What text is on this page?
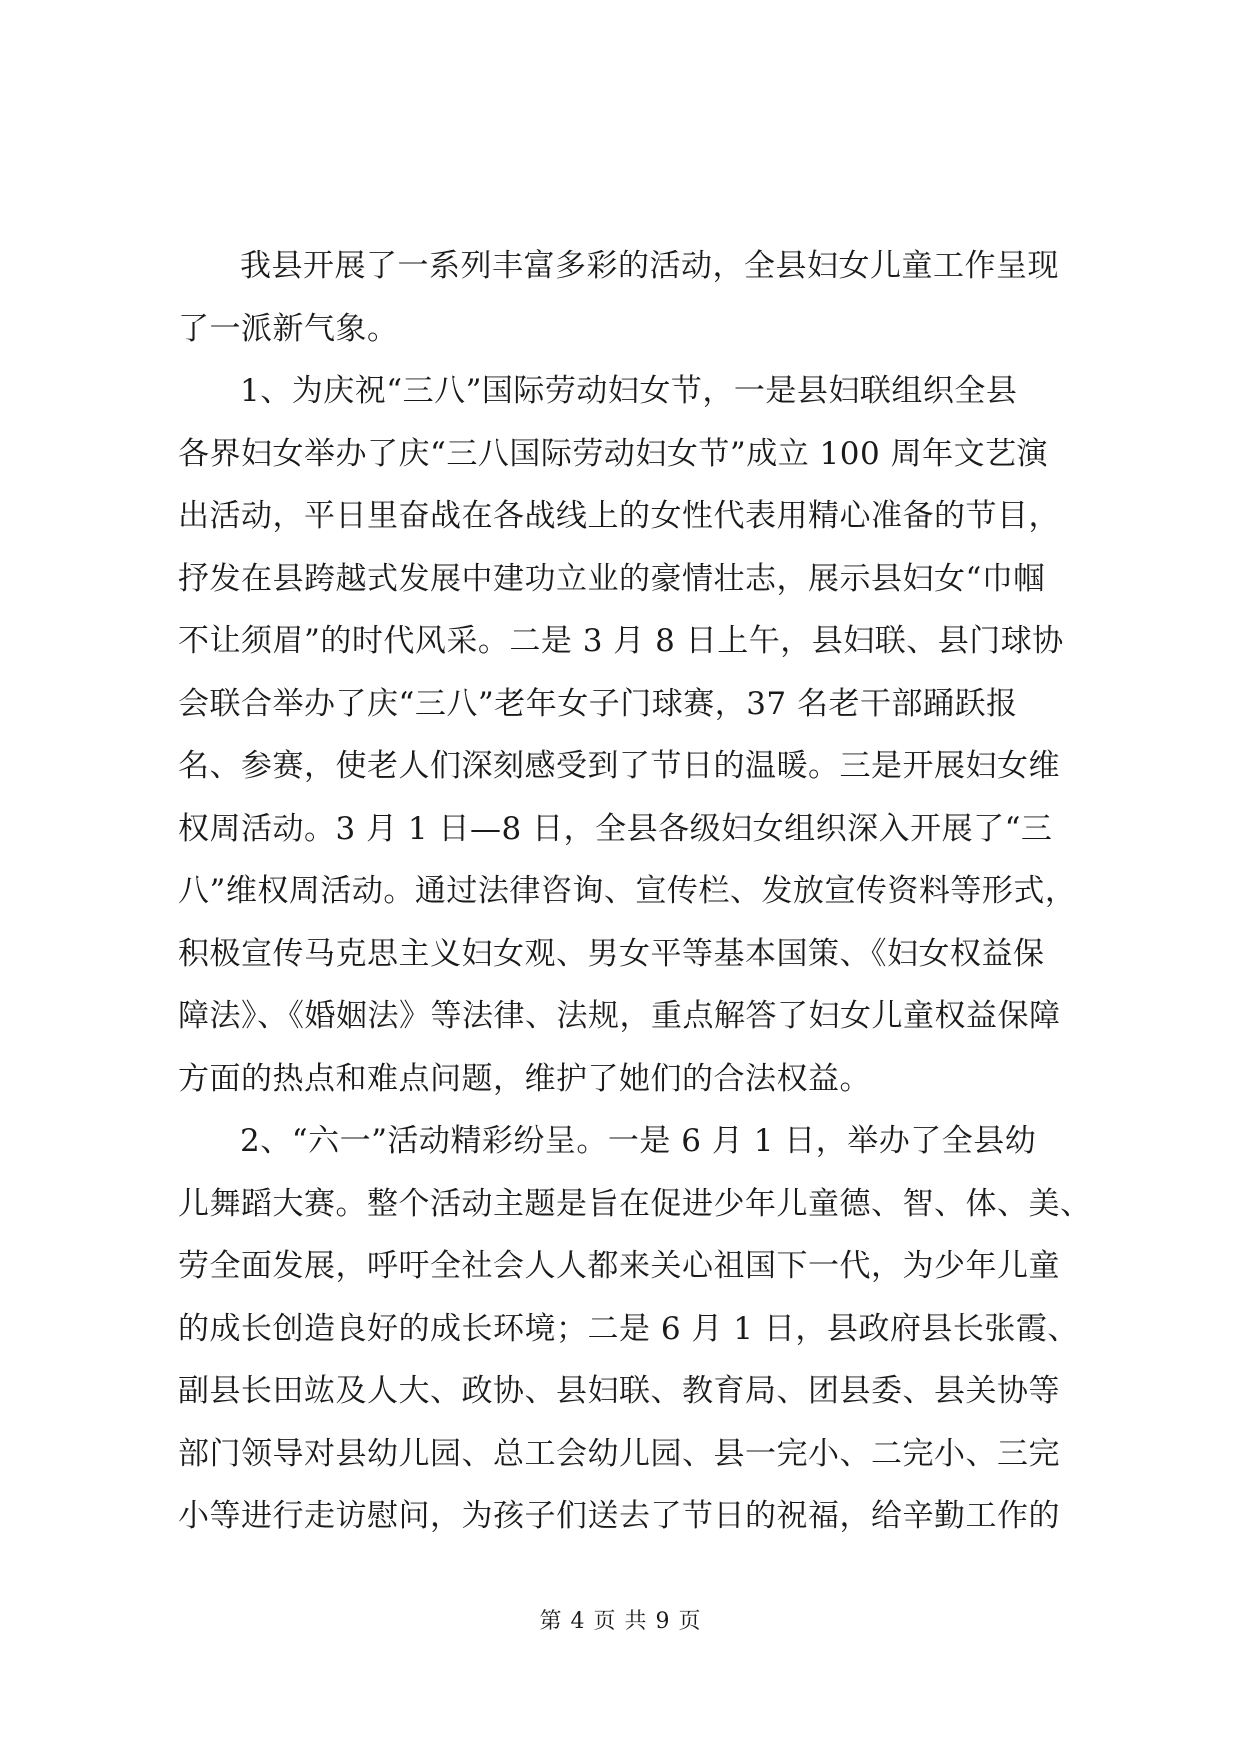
我县开展了一系列丰富多彩的活动，全县妇女儿童工作呈现
了一派新气象。
1、为庆祝“三八”国际劳动妇女节，一是县妇联组织全县
各界妇女举办了庆“三八国际劳动妇女节”成立 100 周年文艺演
出活动，平日里奋战在各战线上的女性代表用精心准备的节目，
抒发在县跨越式发展中建功立业的豪情壮志，展示县妇女“巾帼
不让须眉”的时代风采。二是 3 月 8 日上午，县妇联、县门球协
会联合举办了庆“三八”老年女子门球赛，37 名老干部踊跃报
名、参赛，使老人们深刻感受到了节日的温暖。三是开展妇女维
权周活动。3 月 1 日—8 日，全县各级妇女组织深入开展了“三
八”维权周活动。通过法律咨询、宣传栏、发放宣传资料等形式，
积极宣传马克思主义妇女观、男女平等基本国策、《妇女权益保
障法》、《婚姻法》等法律、法规，重点解答了妇女儿童权益保障
方面的热点和难点问题，维护了她们的合法权益。
2、“六一”活动精彩纷呈。一是 6 月 1 日，举办了全县幼
儿舞蹈大赛。整个活动主题是旨在促进少年儿童德、智、体、美、
劳全面发展，呼吁全社会人人都来关心祖国下一代，为少年儿童
的成长创造良好的成长环境；二是 6 月 1 日，县政府县长张霞、
副县长田竑及人大、政协、县妇联、教育局、团县委、县关协等
部门领导对县幼儿园、总工会幼儿园、县一完小、二完小、三完
小等进行走访慰问，为孩子们送去了节日的祝福，给辛勤工作的
第 4 页 共 9 页
